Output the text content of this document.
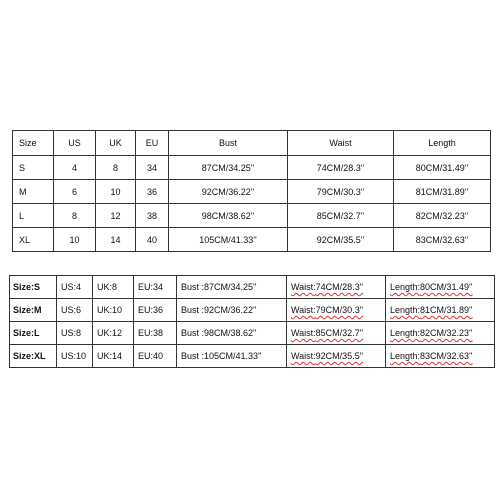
Size	US	UK	EU	Bust	Waist	Length
S	4	8	34	87CM/34.25''	74CM/28.3''	80CM/31.49''
M	6	10	36	92CM/36.22''	79CM/30.3''	81CM/31.89''
L	8	12	38	98CM/38.62''	85CM/32.7''	82CM/32.23''
XL	10	14	40	105CM/41.33''	92CM/35.5''	83CM/32.63''
Size:S	US:4	UK:8	EU:34	Bust :87CM/34.25''	Waist:74CM/28.3''	Length:80CM/31.49''
Size:M	US:6	UK:10	EU:36	Bust :92CM/36.22''	Waist:79CM/30.3''	Length:81CM/31.89''
Size:L	US:8	UK:12	EU:38	Bust :98CM/38.62''	Waist:85CM/32.7''	Length:82CM/32.23''
Size:XL	US:10	UK:14	EU:40	Bust :105CM/41.33''	Waist:92CM/35.5''	Length:83CM/32.63''
